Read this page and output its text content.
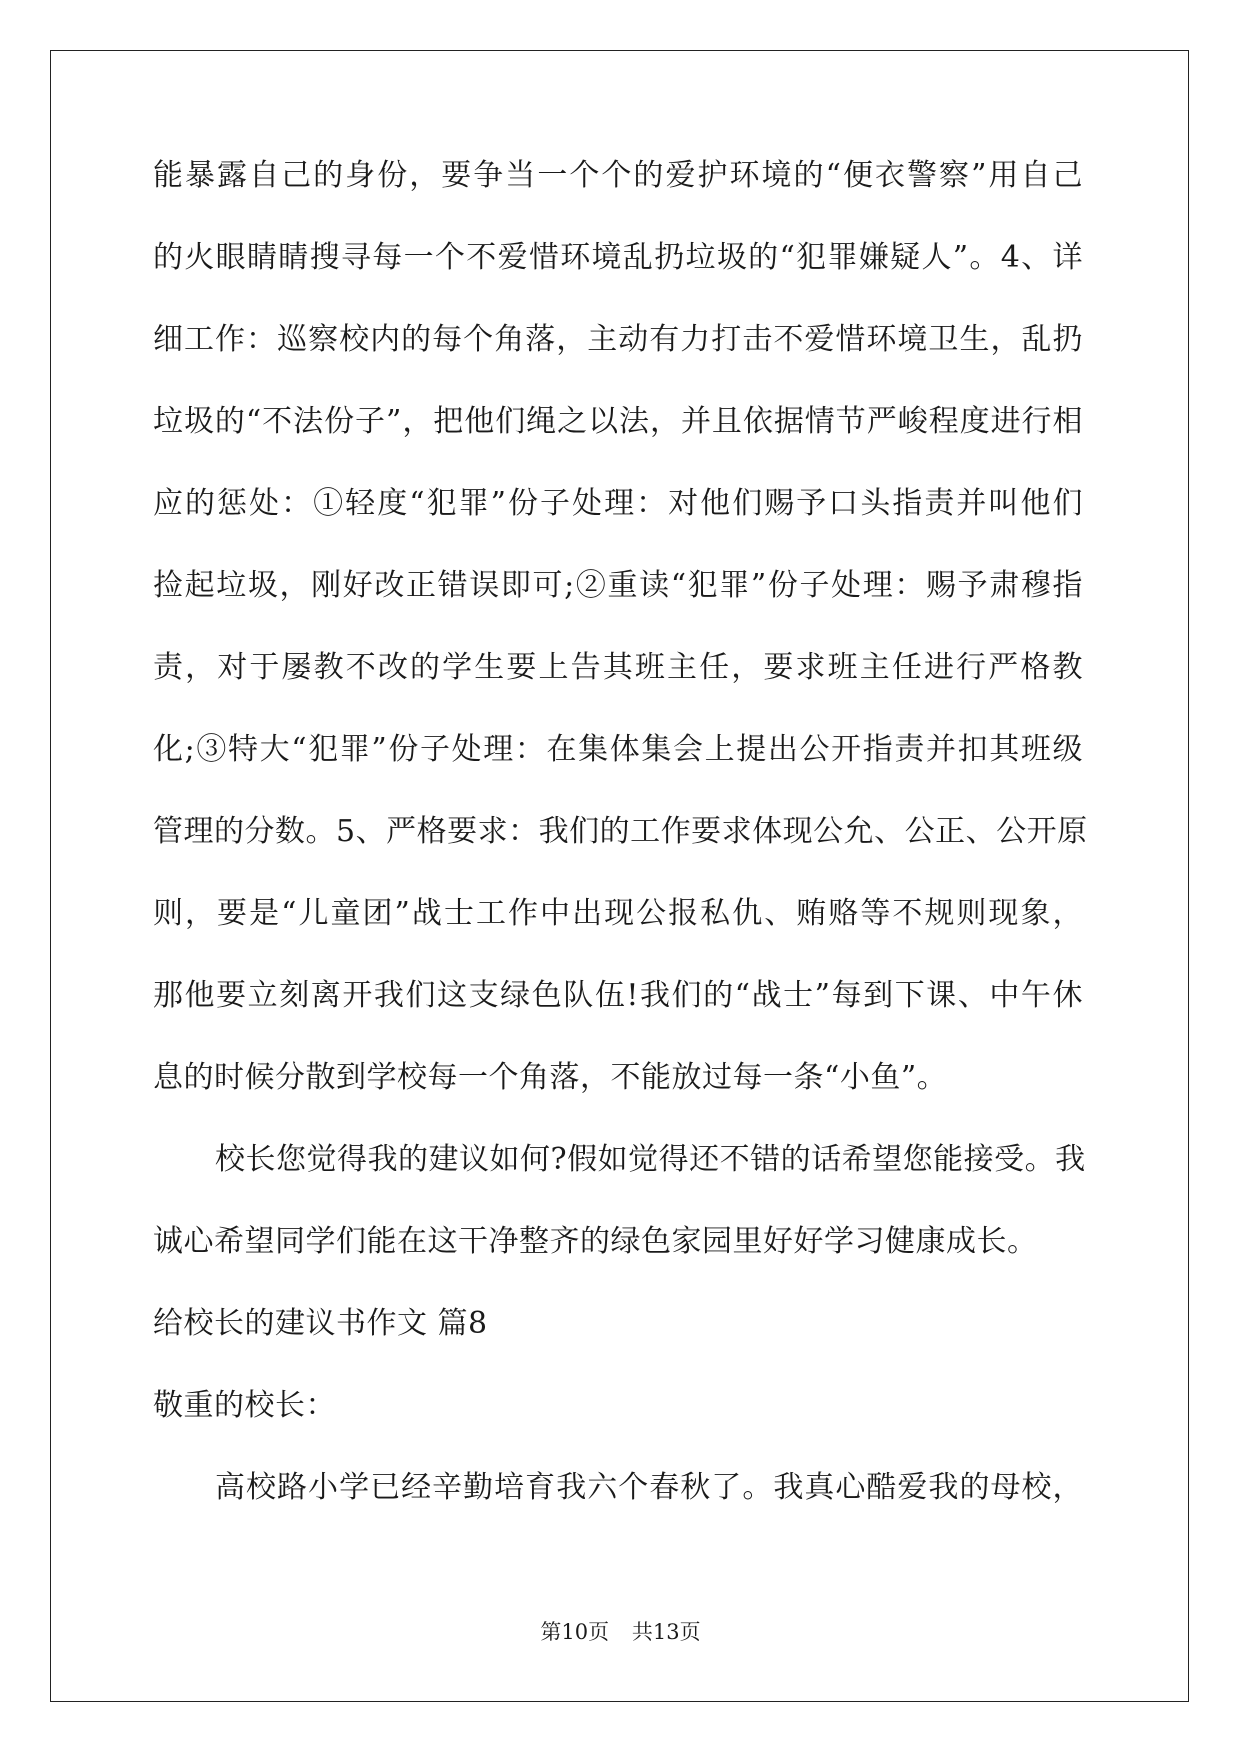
能暴露自己的身份，要争当一个个的爱护环境的“便衣警察”用自己
的火眼睛睛搜寻每一个不爱惜环境乱扔垃圾的“犯罪嫌疑人”。4、详
细工作：巡察校内的每个角落，主动有力打击不爱惜环境卫生，乱扔
垃圾的“不法份子”，把他们绳之以法，并且依据情节严峻程度进行相
应的惩处：①轻度“犯罪”份子处理：对他们赐予口头指责并叫他们
捡起垃圾，刚好改正错误即可;②重读“犯罪”份子处理：赐予肃穆指
责，对于屡教不改的学生要上告其班主任，要求班主任进行严格教
化;③特大“犯罪”份子处理：在集体集会上提出公开指责并扣其班级
管理的分数。5、严格要求：我们的工作要求体现公允、公正、公开原
则，要是“儿童团”战士工作中出现公报私仇、贿赂等不规则现象，
那他要立刻离开我们这支绿色队伍!我们的“战士”每到下课、中午休
息的时候分散到学校每一个角落，不能放过每一条“小鱼”。
校长您觉得我的建议如何?假如觉得还不错的话希望您能接受。我
诚心希望同学们能在这干净整齐的绿色家园里好好学习健康成长。
给校长的建议书作文 篇8
敬重的校长：
高校路小学已经辛勤培育我六个春秋了。我真心酷爱我的母校，
第10页 共13页
